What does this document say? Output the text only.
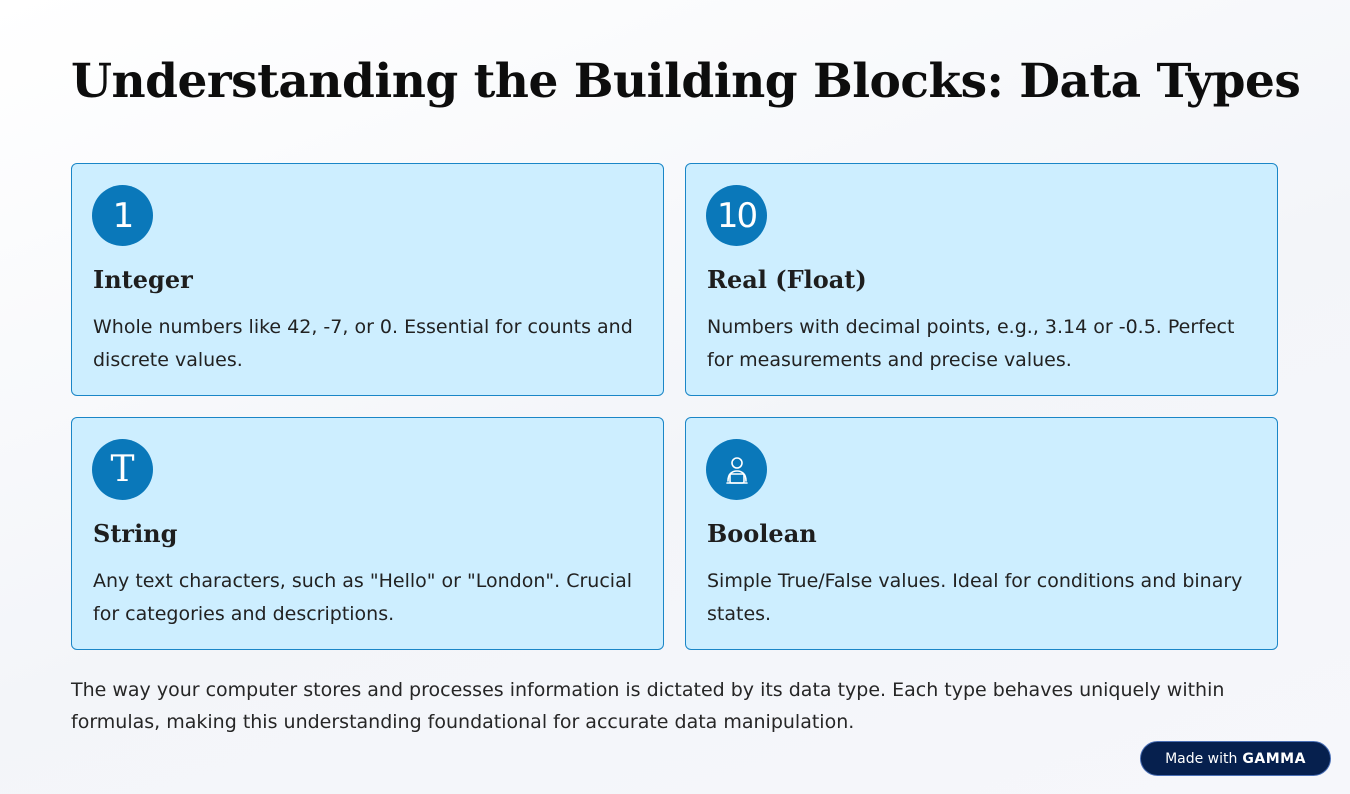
Understanding the Building Blocks: Data Types
1
Integer

Whole numbers like 42, -7, or 0. Essential for counts and discrete values.

10
Real (Float)

Numbers with decimal points, e.g., 3.14 or -0.5. Perfect for measurements and precise values.

T
String

Any text characters, such as "Hello" or "London". Crucial for categories and descriptions.

Boolean

Simple True/False values. Ideal for conditions and binary states.

The way your computer stores and processes information is dictated by its data type. Each type behaves uniquely within formulas, making this understanding foundational for accurate data manipulation.

Made with GAMMA
